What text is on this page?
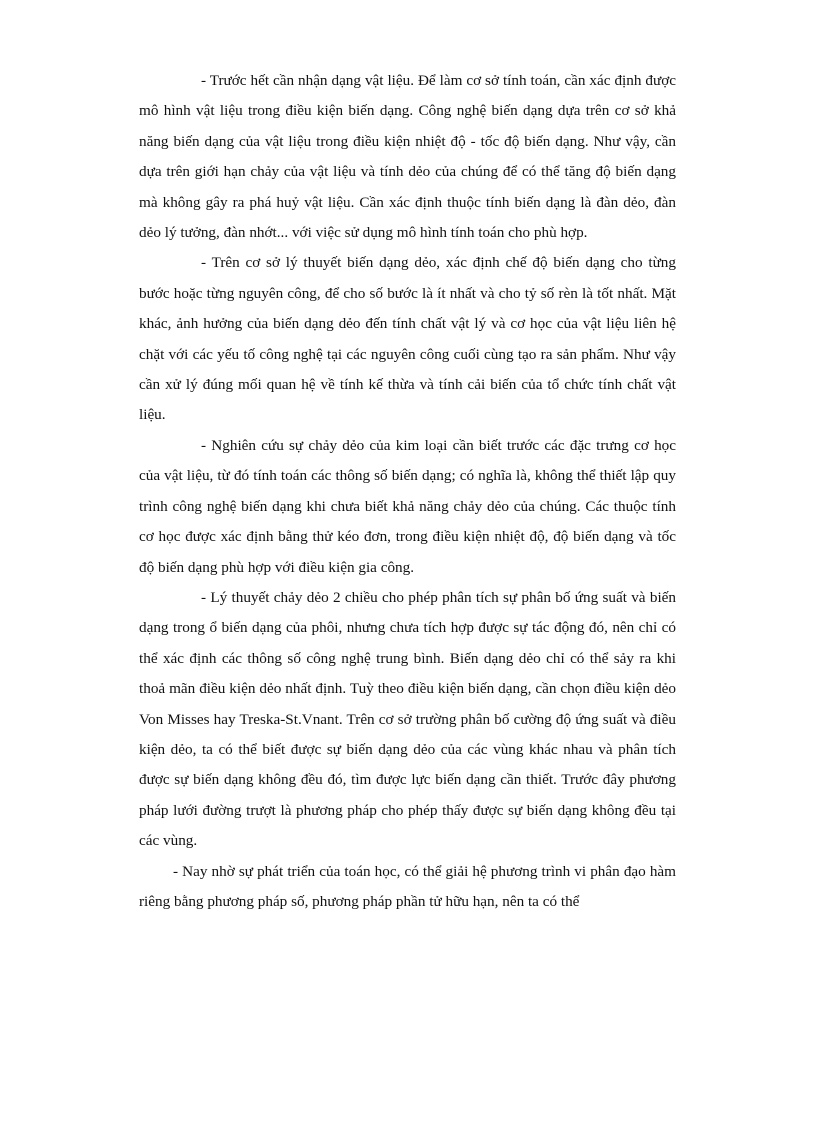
- Trước hết cần nhận dạng vật liệu. Để làm cơ sở tính toán, cần xác định được mô hình vật liệu trong điều kiện biến dạng. Công nghệ biến dạng dựa trên cơ sở khả năng biến dạng của vật liệu trong điều kiện nhiệt độ - tốc độ biến dạng. Như vậy, cần dựa trên giới hạn chảy của vật liệu và tính dẻo của chúng để có thể tăng độ biến dạng mà không gây ra phá huỷ vật liệu. Cần xác định thuộc tính biến dạng là đàn dẻo, đàn dẻo lý tưởng, đàn nhớt... với việc sử dụng mô hình tính toán cho phù hợp.

- Trên cơ sở lý thuyết biến dạng dẻo, xác định chế độ biến dạng cho từng bước hoặc từng nguyên công, để cho số bước là ít nhất và cho tỷ số rèn là tốt nhất. Mặt khác, ảnh hưởng của biến dạng dẻo đến tính chất vật lý và cơ học của vật liệu liên hệ chặt với các yếu tố công nghệ tại các nguyên công cuối cùng tạo ra sản phẩm. Như vậy cần xử lý đúng mối quan hệ về tính kế thừa và tính cải biến của tổ chức tính chất vật liệu.

- Nghiên cứu sự chảy dẻo của kim loại cần biết trước các đặc trưng cơ học của vật liệu, từ đó tính toán các thông số biến dạng; có nghĩa là, không thể thiết lập quy trình công nghệ biến dạng khi chưa biết khả năng chảy dẻo của chúng. Các thuộc tính cơ học được xác định bằng thử kéo đơn, trong điều kiện nhiệt độ, độ biến dạng và tốc độ biến dạng phù hợp với điều kiện gia công.

- Lý thuyết chảy dẻo 2 chiều cho phép phân tích sự phân bố ứng suất và biến dạng trong ổ biến dạng của phôi, nhưng chưa tích hợp được sự tác động đó, nên chỉ có thể xác định các thông số công nghệ trung bình. Biến dạng dẻo chỉ có thể sảy ra khi thoả mãn điều kiện dẻo nhất định. Tuỳ theo điều kiện biến dạng, cần chọn điều kiện dẻo Von Misses hay Treska-St.Vnant. Trên cơ sở trường phân bố cường độ ứng suất và điều kiện dẻo, ta có thể biết được sự biến dạng dẻo của các vùng khác nhau và phân tích được sự biến dạng không đều đó, tìm được lực biến dạng cần thiết. Trước đây phương pháp lưới đường trượt là phương pháp cho phép thấy được sự biến dạng không đều tại các vùng.

- Nay nhờ sự phát triển của toán học, có thể giải hệ phương trình vi phân đạo hàm riêng bằng phương pháp số, phương pháp phần tử hữu hạn, nên ta có thể
